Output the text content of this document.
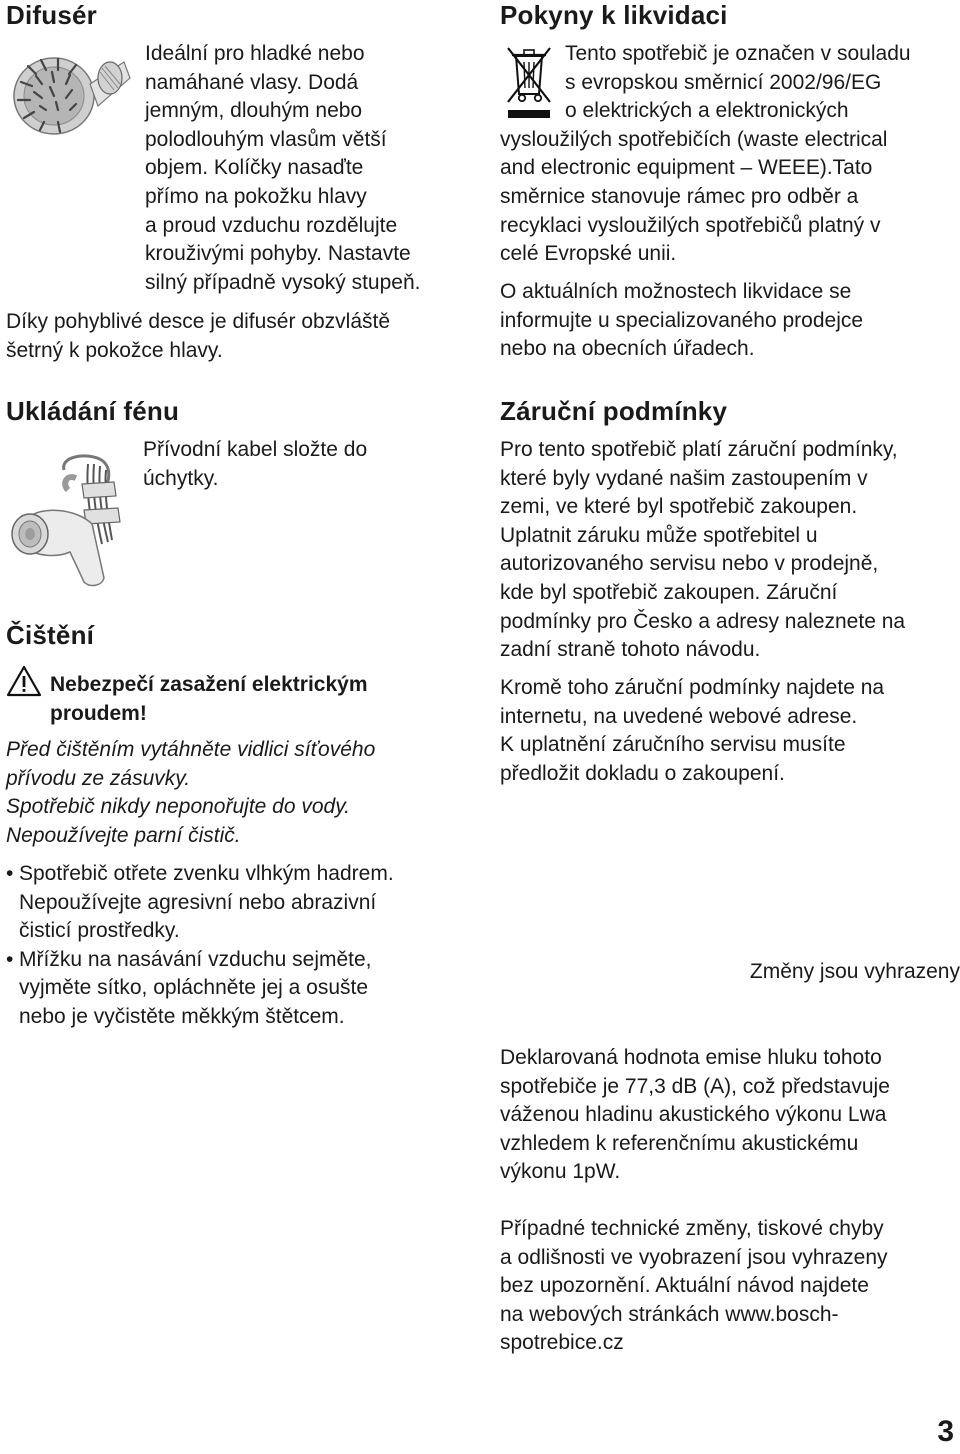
Difusér
Ideální pro hladké nebo
namáhané vlasy. Dodá
jemným, dlouhým nebo
polodlouhým vlasům větší
objem. Kolíčky nasaďte
přímo na pokožku hlavy
a proud vzduchu rozdělujte
krouživými pohyby. Nastavte
silný případně vysoký stupeň.
Díky pohyblivé desce je difusér obzvláště
šetrný k pokožce hlavy.
Ukládání fénu
Přívodní kabel složte do
úchytky.
Čištění
Nebezpečí zasažení elektrickým
proudem!
Před čištěním vytáhněte vidlici síťového
přívodu ze zásuvky.
Spotřebič nikdy neponořujte do vody.
Nepoužívejte parní čistič.
• Spotřebič otřete zvenku vlhkým hadrem.
Nepoužívejte agresivní nebo abrazivní
čisticí prostředky.
• Mřížku na nasávání vzduchu sejměte,
vyjměte sítko, opláchněte jej a osušte
nebo je vyčistěte měkkým štětcem.
Pokyny k likvidaci
Tento spotřebič je označen v souladu
s evropskou směrnicí 2002/96/EG
o elektrických a elektronických
vysloužilých spotřebičích (waste electrical
and electronic equipment – WEEE).Tato
směrnice stanovuje rámec pro odběr a
recyklaci vysloužilých spotřebičů platný v
celé Evropské unii.
O aktuálních možnostech likvidace se
informujte u specializovaného prodejce
nebo na obecních úřadech.
Záruční podmínky
Pro tento spotřebič platí záruční podmínky,
které byly vydané našim zastoupením v
zemi, ve které byl spotřebič zakoupen.
Uplatnit záruku může spotřebitel u
autorizovaného servisu nebo v prodejně,
kde byl spotřebič zakoupen. Záruční
podmínky pro Česko a adresy naleznete na
zadní straně tohoto návodu.
Kromě toho záruční podmínky najdete na
internetu, na uvedené webové adrese.
K uplatnění záručního servisu musíte
předložit dokladu o zakoupení.
Změny jsou vyhrazeny
Deklarovaná hodnota emise hluku tohoto
spotřebiče je 77,3 dB (A), což představuje
váženou hladinu akustického výkonu Lwa
vzhledem k referenčnímu akustickému
výkonu 1pW.
Případné technické změny, tiskové chyby
a odlišnosti ve vyobrazení jsou vyhrazeny
bez upozornění. Aktuální návod najdete
na webových stránkách www.bosch-
spotrebice.cz
3
